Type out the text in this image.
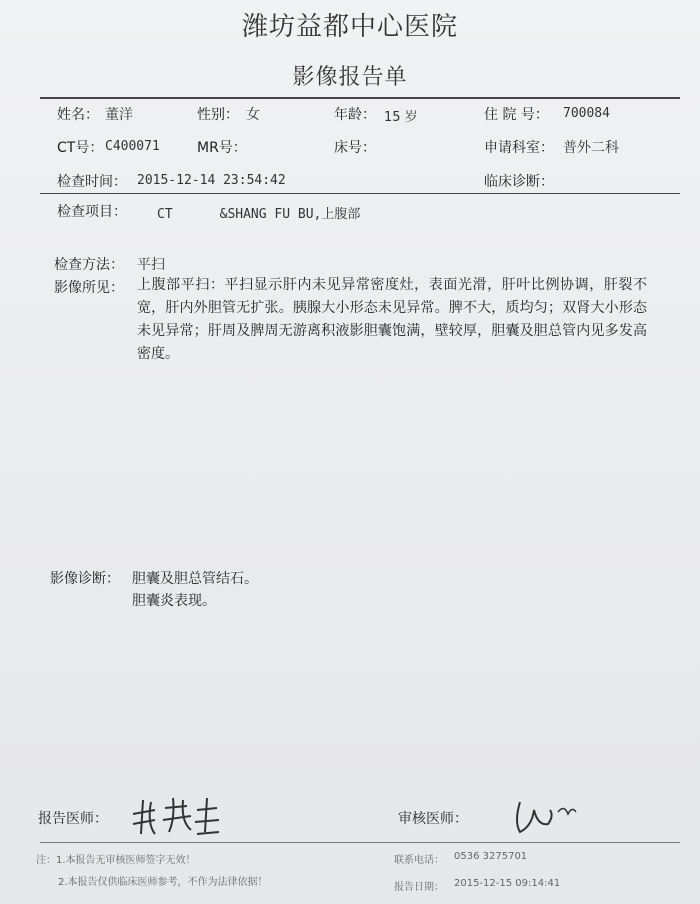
潍坊益都中心医院
影像报告单
姓名： 董洋	性别： 女	年龄： 15 岁	住 院 号： 700084
CT号： C400071	MR号：	床号：	申请科室： 普外二科
检查时间： 2015-12-14 23:54:42	临床诊断：
检查项目： CT      &SHANG FU BU,上腹部
检查方法： 平扫
影像所见： 上腹部平扫：平扫显示肝内未见异常密度灶，表面光滑，肝叶比例协调，肝裂不宽，肝内外胆管无扩张。胰腺大小形态未见异常。脾不大，质均匀；双肾大小形态未见异常；肝周及脾周无游离积液影胆囊饱满，壁较厚，胆囊及胆总管内见多发高密度。
影像诊断： 胆囊及胆总管结石。
胆囊炎表现。
报告医师：	审核医师：
注：1.本报告无审核医师签字无效！
2.本报告仅供临床医师参考，不作为法律依据！
联系电话： 0536 3275701
报告日期： 2015-12-15 09:14:41
